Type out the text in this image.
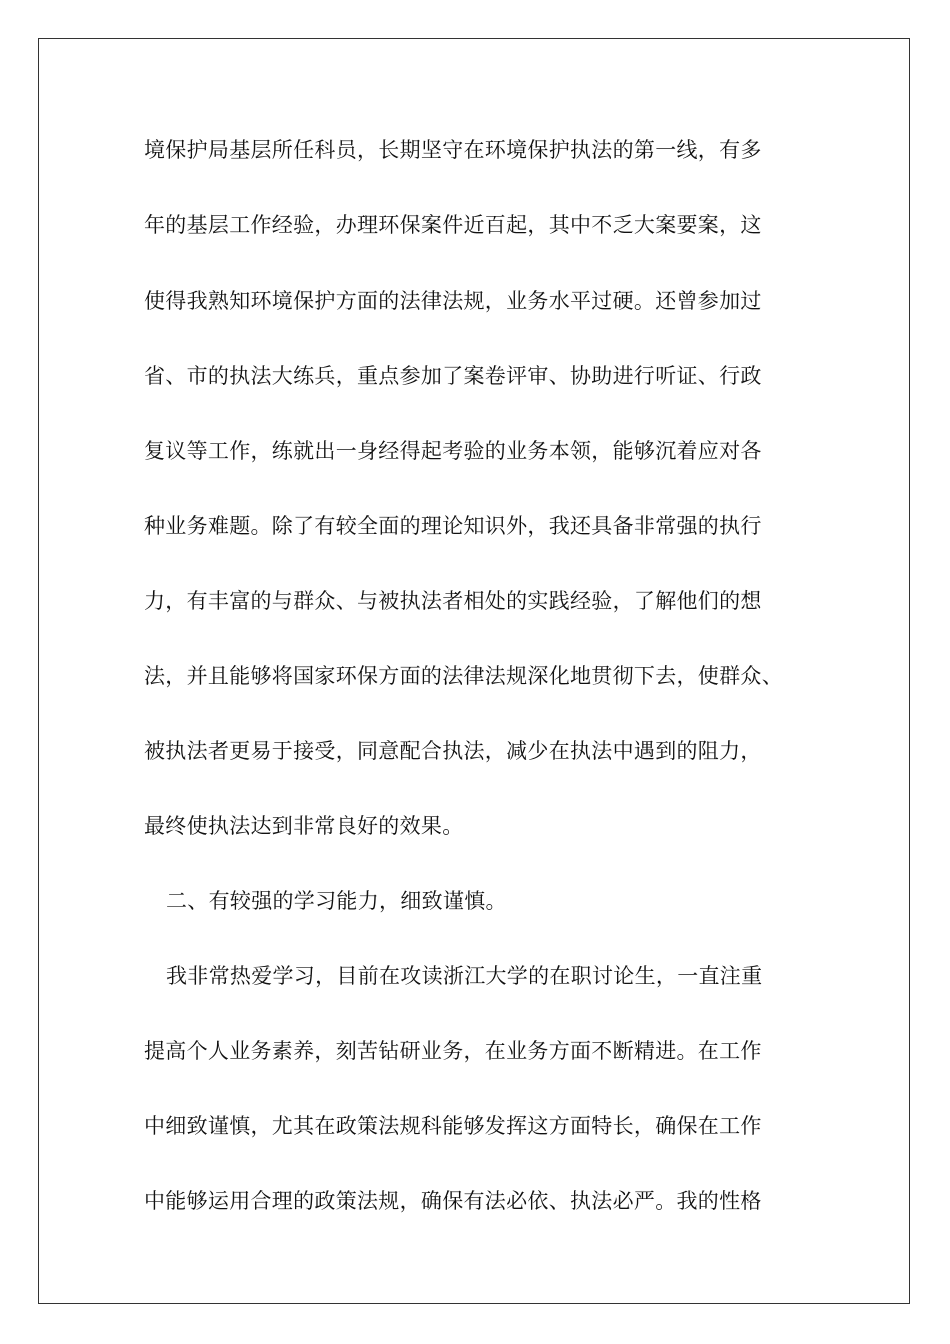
境保护局基层所任科员，长期坚守在环境保护执法的第一线，有多
年的基层工作经验，办理环保案件近百起，其中不乏大案要案，这
使得我熟知环境保护方面的法律法规，业务水平过硬。还曾参加过
省、市的执法大练兵，重点参加了案卷评审、协助进行听证、行政
复议等工作，练就出一身经得起考验的业务本领，能够沉着应对各
种业务难题。除了有较全面的理论知识外，我还具备非常强的执行
力，有丰富的与群众、与被执法者相处的实践经验，了解他们的想
法，并且能够将国家环保方面的法律法规深化地贯彻下去，使群众、
被执法者更易于接受，同意配合执法，减少在执法中遇到的阻力，
最终使执法达到非常良好的效果。
二、有较强的学习能力，细致谨慎。
我非常热爱学习，目前在攻读浙江大学的在职讨论生，一直注重
提高个人业务素养，刻苦钻研业务，在业务方面不断精进。在工作
中细致谨慎，尤其在政策法规科能够发挥这方面特长，确保在工作
中能够运用合理的政策法规，确保有法必依、执法必严。我的性格
